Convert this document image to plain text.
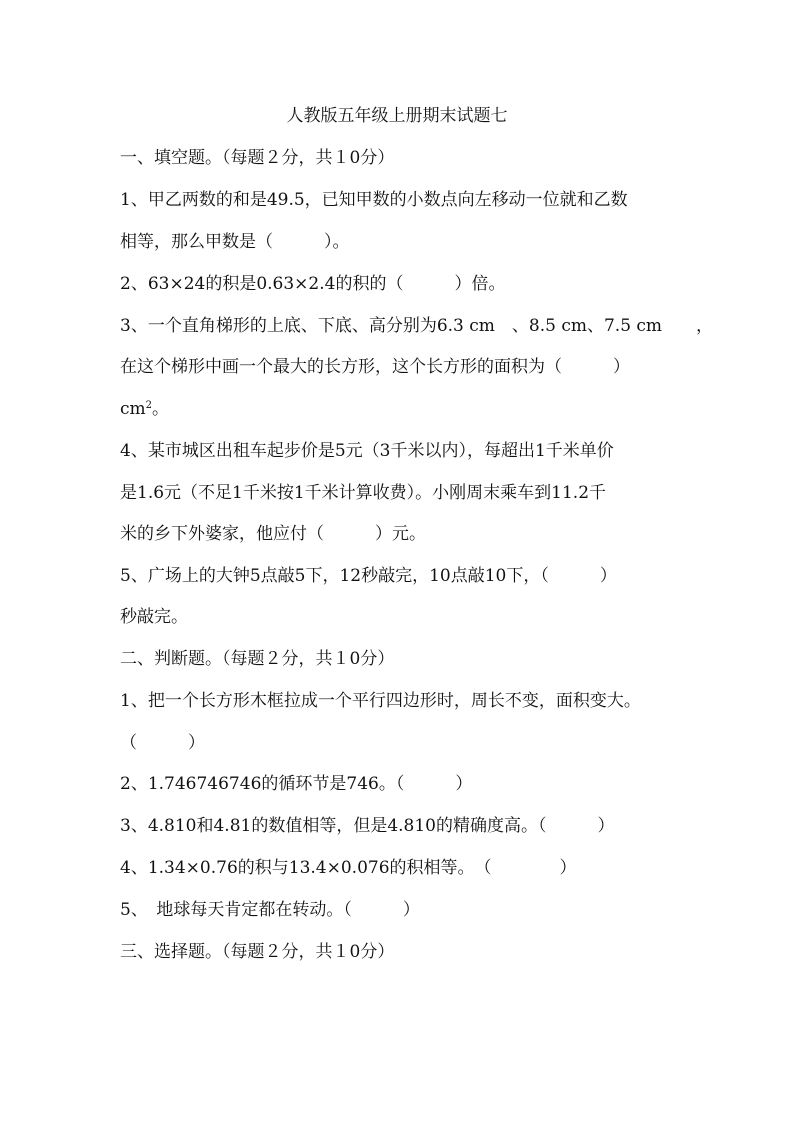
人教版五年级上册期末试题七
一、填空题。（每题２分，共１0分）
1、甲乙两数的和是49.5，已知甲数的小数点向左移动一位就和乙数
相等，那么甲数是（　　　）。
2、63×24的积是0.63×2.4的积的（　　　）倍。
3、一个直角梯形的上底、下底、高分别为6.3 cm　、8.5 cm、7.5 cm　　，
在这个梯形中画一个最大的长方形，这个长方形的面积为（　　　）
$cm^2$。
4、某市城区出租车起步价是5元（3千米以内），每超出1千米单价
是1.6元（不足1千米按1千米计算收费）。小刚周末乘车到11.2千
米的乡下外婆家，他应付（　　　）元。
5、广场上的大钟5点敲5下，12秒敲完，10点敲10下，（　　　）
秒敲完。
二、判断题。（每题２分，共１0分）
1、把一个长方形木框拉成一个平行四边形时，周长不变，面积变大。
（　　　）
2、1.746746746的循环节是746。（　　　）
3、4.810和4.81的数值相等，但是4.810的精确度高。（　　　）
4、1.34×0.76的积与13.4×0.076的积相等。　（　　　　）
5、　地球每天肯定都在转动。（　　　）
三、选择题。（每题２分，共１0分）
